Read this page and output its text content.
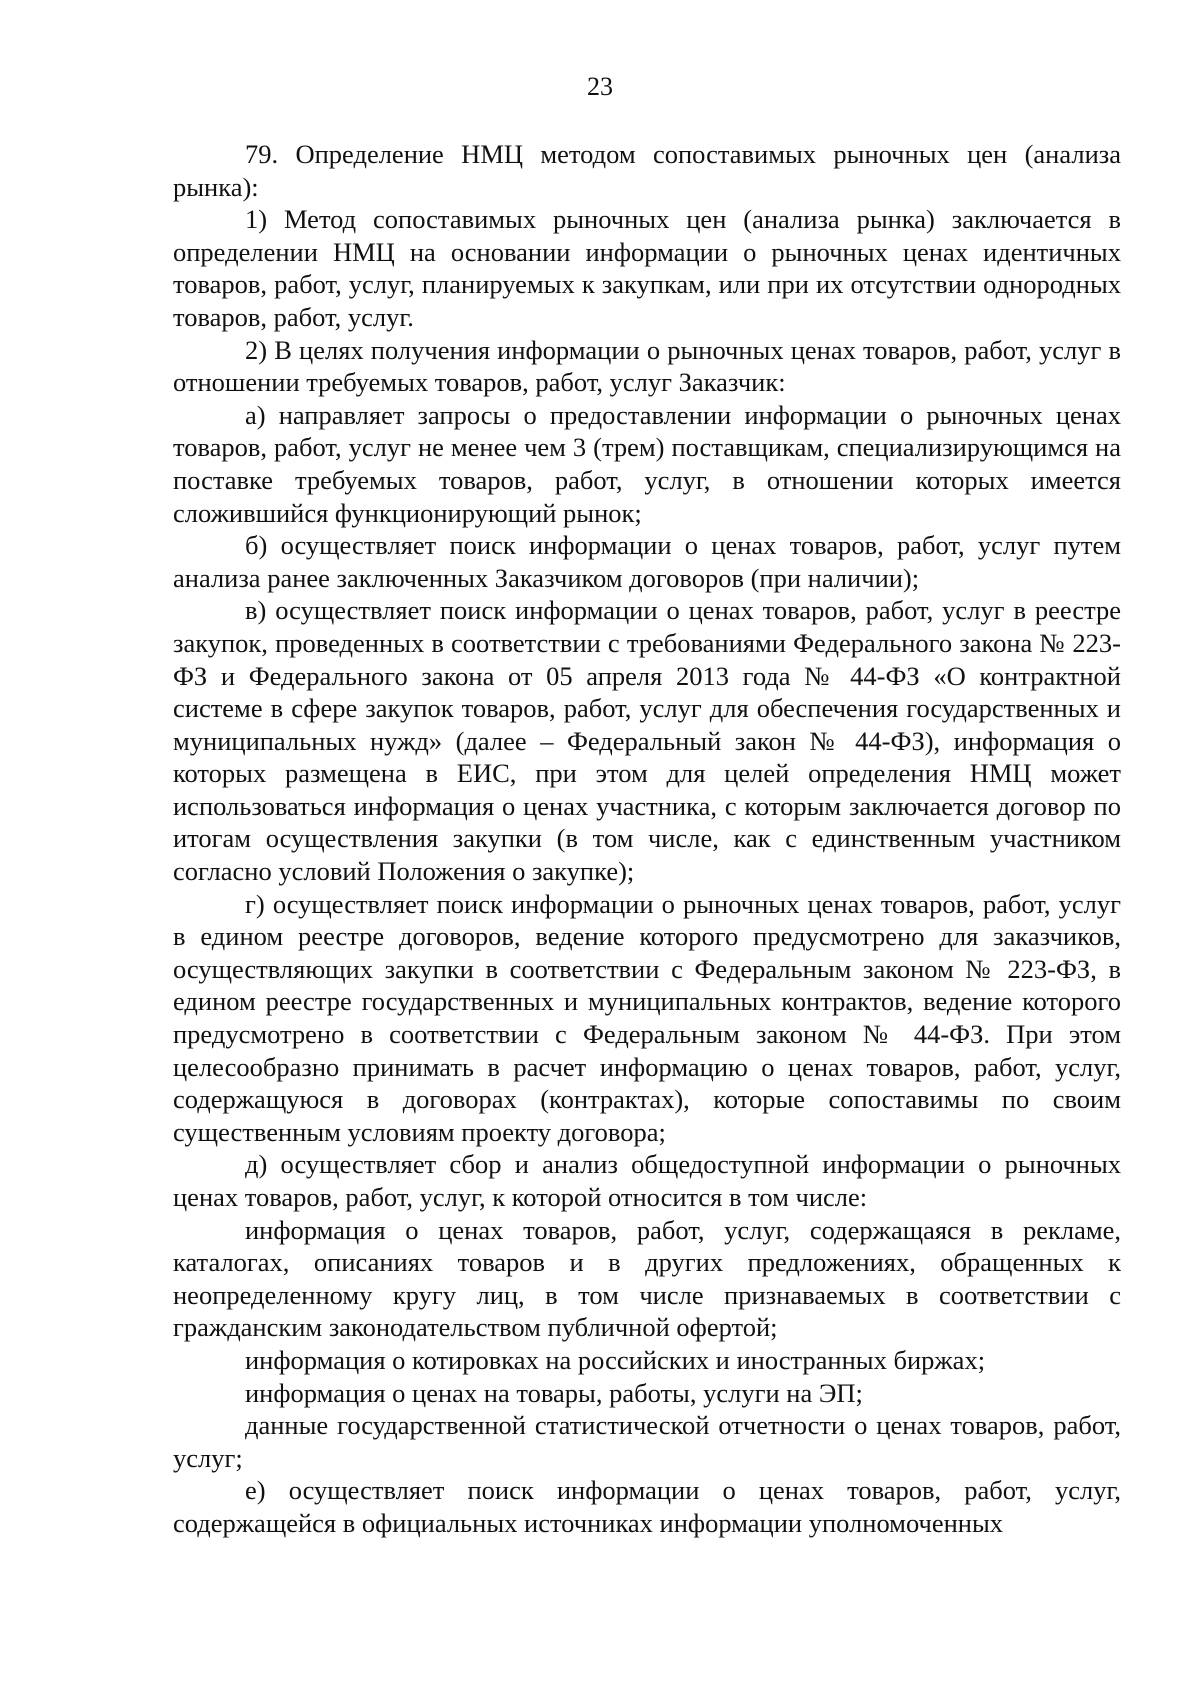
23

79. Определение НМЦ методом сопоставимых рыночных цен (анализа рынка):

1) Метод сопоставимых рыночных цен (анализа рынка) заключается в определении НМЦ на основании информации о рыночных ценах идентичных товаров, работ, услуг, планируемых к закупкам, или при их отсутствии однородных товаров, работ, услуг.

2) В целях получения информации о рыночных ценах товаров, работ, услуг в отношении требуемых товаров, работ, услуг Заказчик:

а) направляет запросы о предоставлении информации о рыночных ценах товаров, работ, услуг не менее чем 3 (трем) поставщикам, специализирующимся на поставке требуемых товаров, работ, услуг, в отношении которых имеется сложившийся функционирующий рынок;

б) осуществляет поиск информации о ценах товаров, работ, услуг путем анализа ранее заключенных Заказчиком договоров (при наличии);

в) осуществляет поиск информации о ценах товаров, работ, услуг в реестре закупок, проведенных в соответствии с требованиями Федерального закона № 223-ФЗ и Федерального закона от 05 апреля 2013 года № 44-ФЗ «О контрактной системе в сфере закупок товаров, работ, услуг для обеспечения государственных и муниципальных нужд» (далее – Федеральный закон № 44-ФЗ), информация о которых размещена в ЕИС, при этом для целей определения НМЦ может использоваться информация о ценах участника, с которым заключается договор по итогам осуществления закупки (в том числе, как с единственным участником согласно условий Положения о закупке);

г) осуществляет поиск информации о рыночных ценах товаров, работ, услуг в едином реестре договоров, ведение которого предусмотрено для заказчиков, осуществляющих закупки в соответствии с Федеральным законом № 223-ФЗ, в едином реестре государственных и муниципальных контрактов, ведение которого предусмотрено в соответствии с Федеральным законом № 44-ФЗ. При этом целесообразно принимать в расчет информацию о ценах товаров, работ, услуг, содержащуюся в договорах (контрактах), которые сопоставимы по своим существенным условиям проекту договора;

д) осуществляет сбор и анализ общедоступной информации о рыночных ценах товаров, работ, услуг, к которой относится в том числе:

информация о ценах товаров, работ, услуг, содержащаяся в рекламе, каталогах, описаниях товаров и в других предложениях, обращенных к неопределенному кругу лиц, в том числе признаваемых в соответствии с гражданским законодательством публичной офертой;

информация о котировках на российских и иностранных биржах;

информация о ценах на товары, работы, услуги на ЭП;

данные государственной статистической отчетности о ценах товаров, работ, услуг;

е) осуществляет поиск информации о ценах товаров, работ, услуг, содержащейся в официальных источниках информации уполномоченных
